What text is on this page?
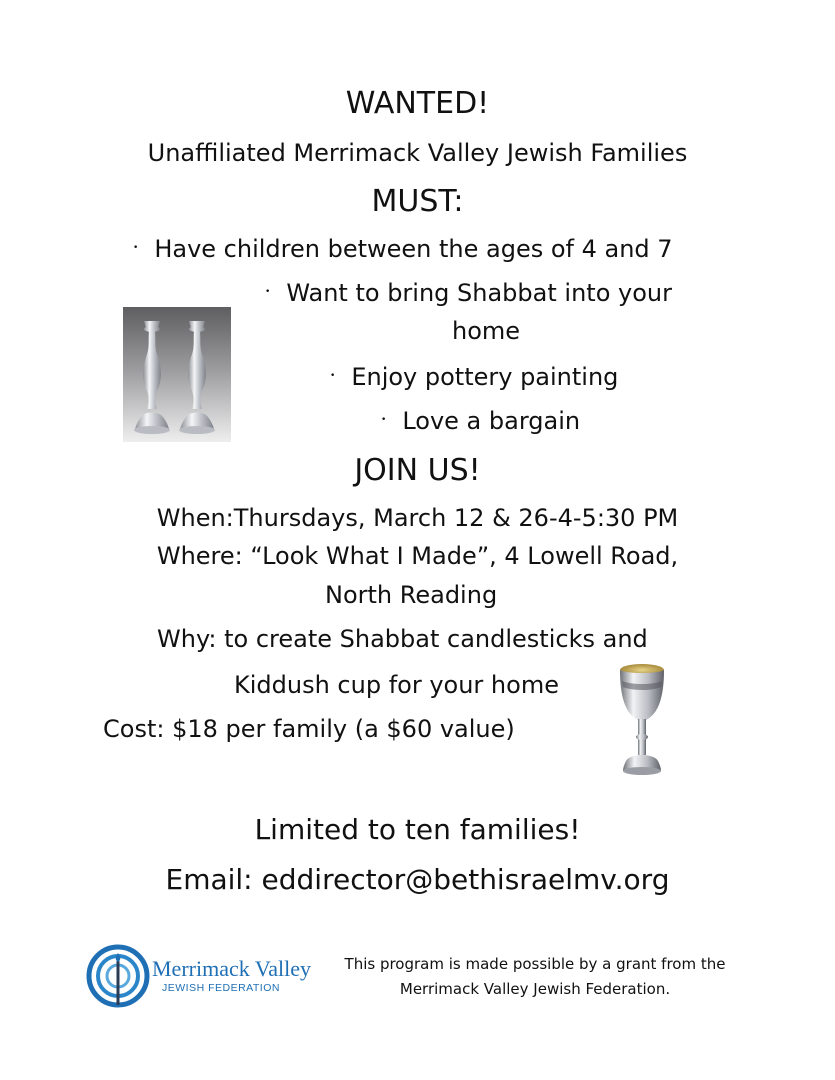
WANTED!
Unaffiliated Merrimack Valley Jewish Families
MUST:
• Have children between the ages of 4 and 7
• Want to bring Shabbat into your
home
• Enjoy pottery painting
• Love a bargain
JOIN US!
When:Thursdays, March 12 & 26-4-5:30 PM
Where: “Look What I Made”, 4 Lowell Road,
North Reading
Why: to create Shabbat candlesticks and
Kiddush cup for your home
Cost: $18 per family (a $60 value)
Limited to ten families!
Email: eddirector@bethisraelmv.org
Merrimack Valley
JEWISH FEDERATION
This program is made possible by a grant from the
Merrimack Valley Jewish Federation.
